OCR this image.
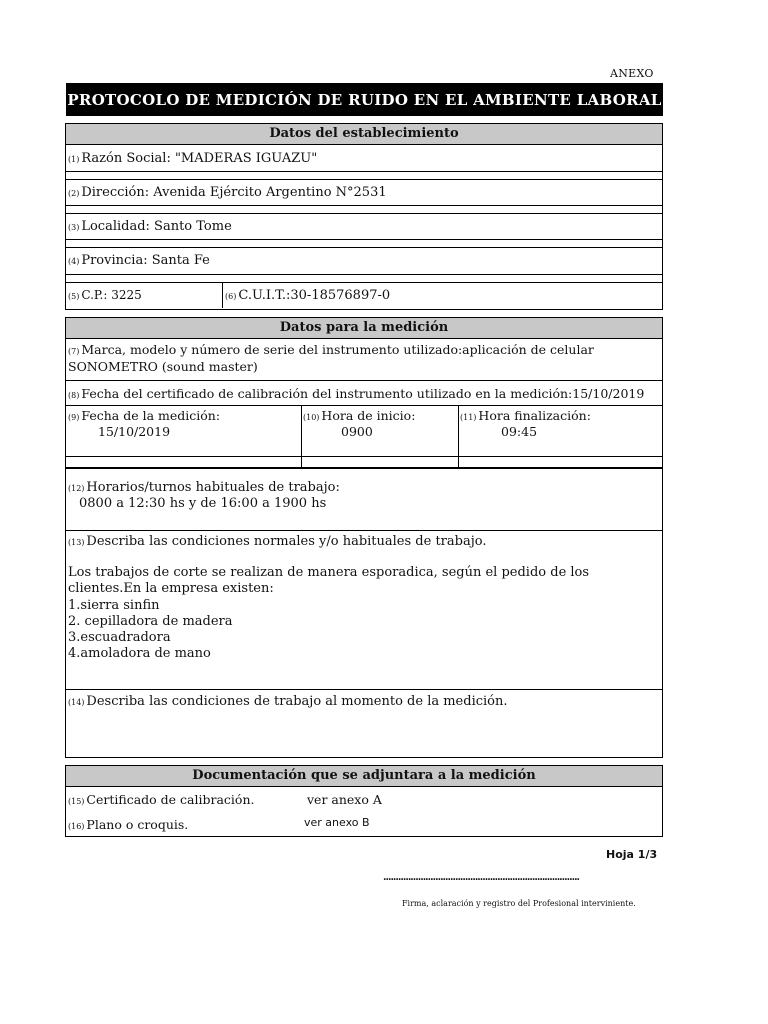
ANEXO
PROTOCOLO DE MEDICIÓN DE RUIDO EN EL AMBIENTE LABORAL
Datos del establecimiento
(1) Razón Social: "MADERAS IGUAZU"
(2) Dirección: Avenida Ejército Argentino N°2531
(3) Localidad: Santo Tome
(4) Provincia: Santa Fe
(5) C.P.: 3225	(6) C.U.I.T.:30-18576897-0
Datos para la medición
(7) Marca, modelo y número de serie del instrumento utilizado:aplicación de celular SONOMETRO (sound master)
(8) Fecha del certificado de calibración del instrumento utilizado en la medición:15/10/2019
(9) Fecha de la medición:
15/10/2019
(10) Hora de inicio:
0900
(11) Hora finalización:
09:45
(12) Horarios/turnos habituales de trabajo:
0800 a 12:30 hs y de 16:00 a 1900 hs
(13) Describa las condiciones normales y/o habituales de trabajo.
Los trabajos de corte se realizan de manera esporadica, según el pedido de los clientes.En la empresa existen:
1.sierra sinfin
2. cepilladora de madera
3.escuadradora
4.amoladora de mano
(14) Describa las condiciones de trabajo al momento de la medición.
Documentación que se adjuntara a la medición
(15) Certificado de calibración.	ver anexo A
(16) Plano o croquis.	ver anexo B
Hoja 1/3
...............................................................................
Firma, aclaración y registro del Profesional interviniente.
